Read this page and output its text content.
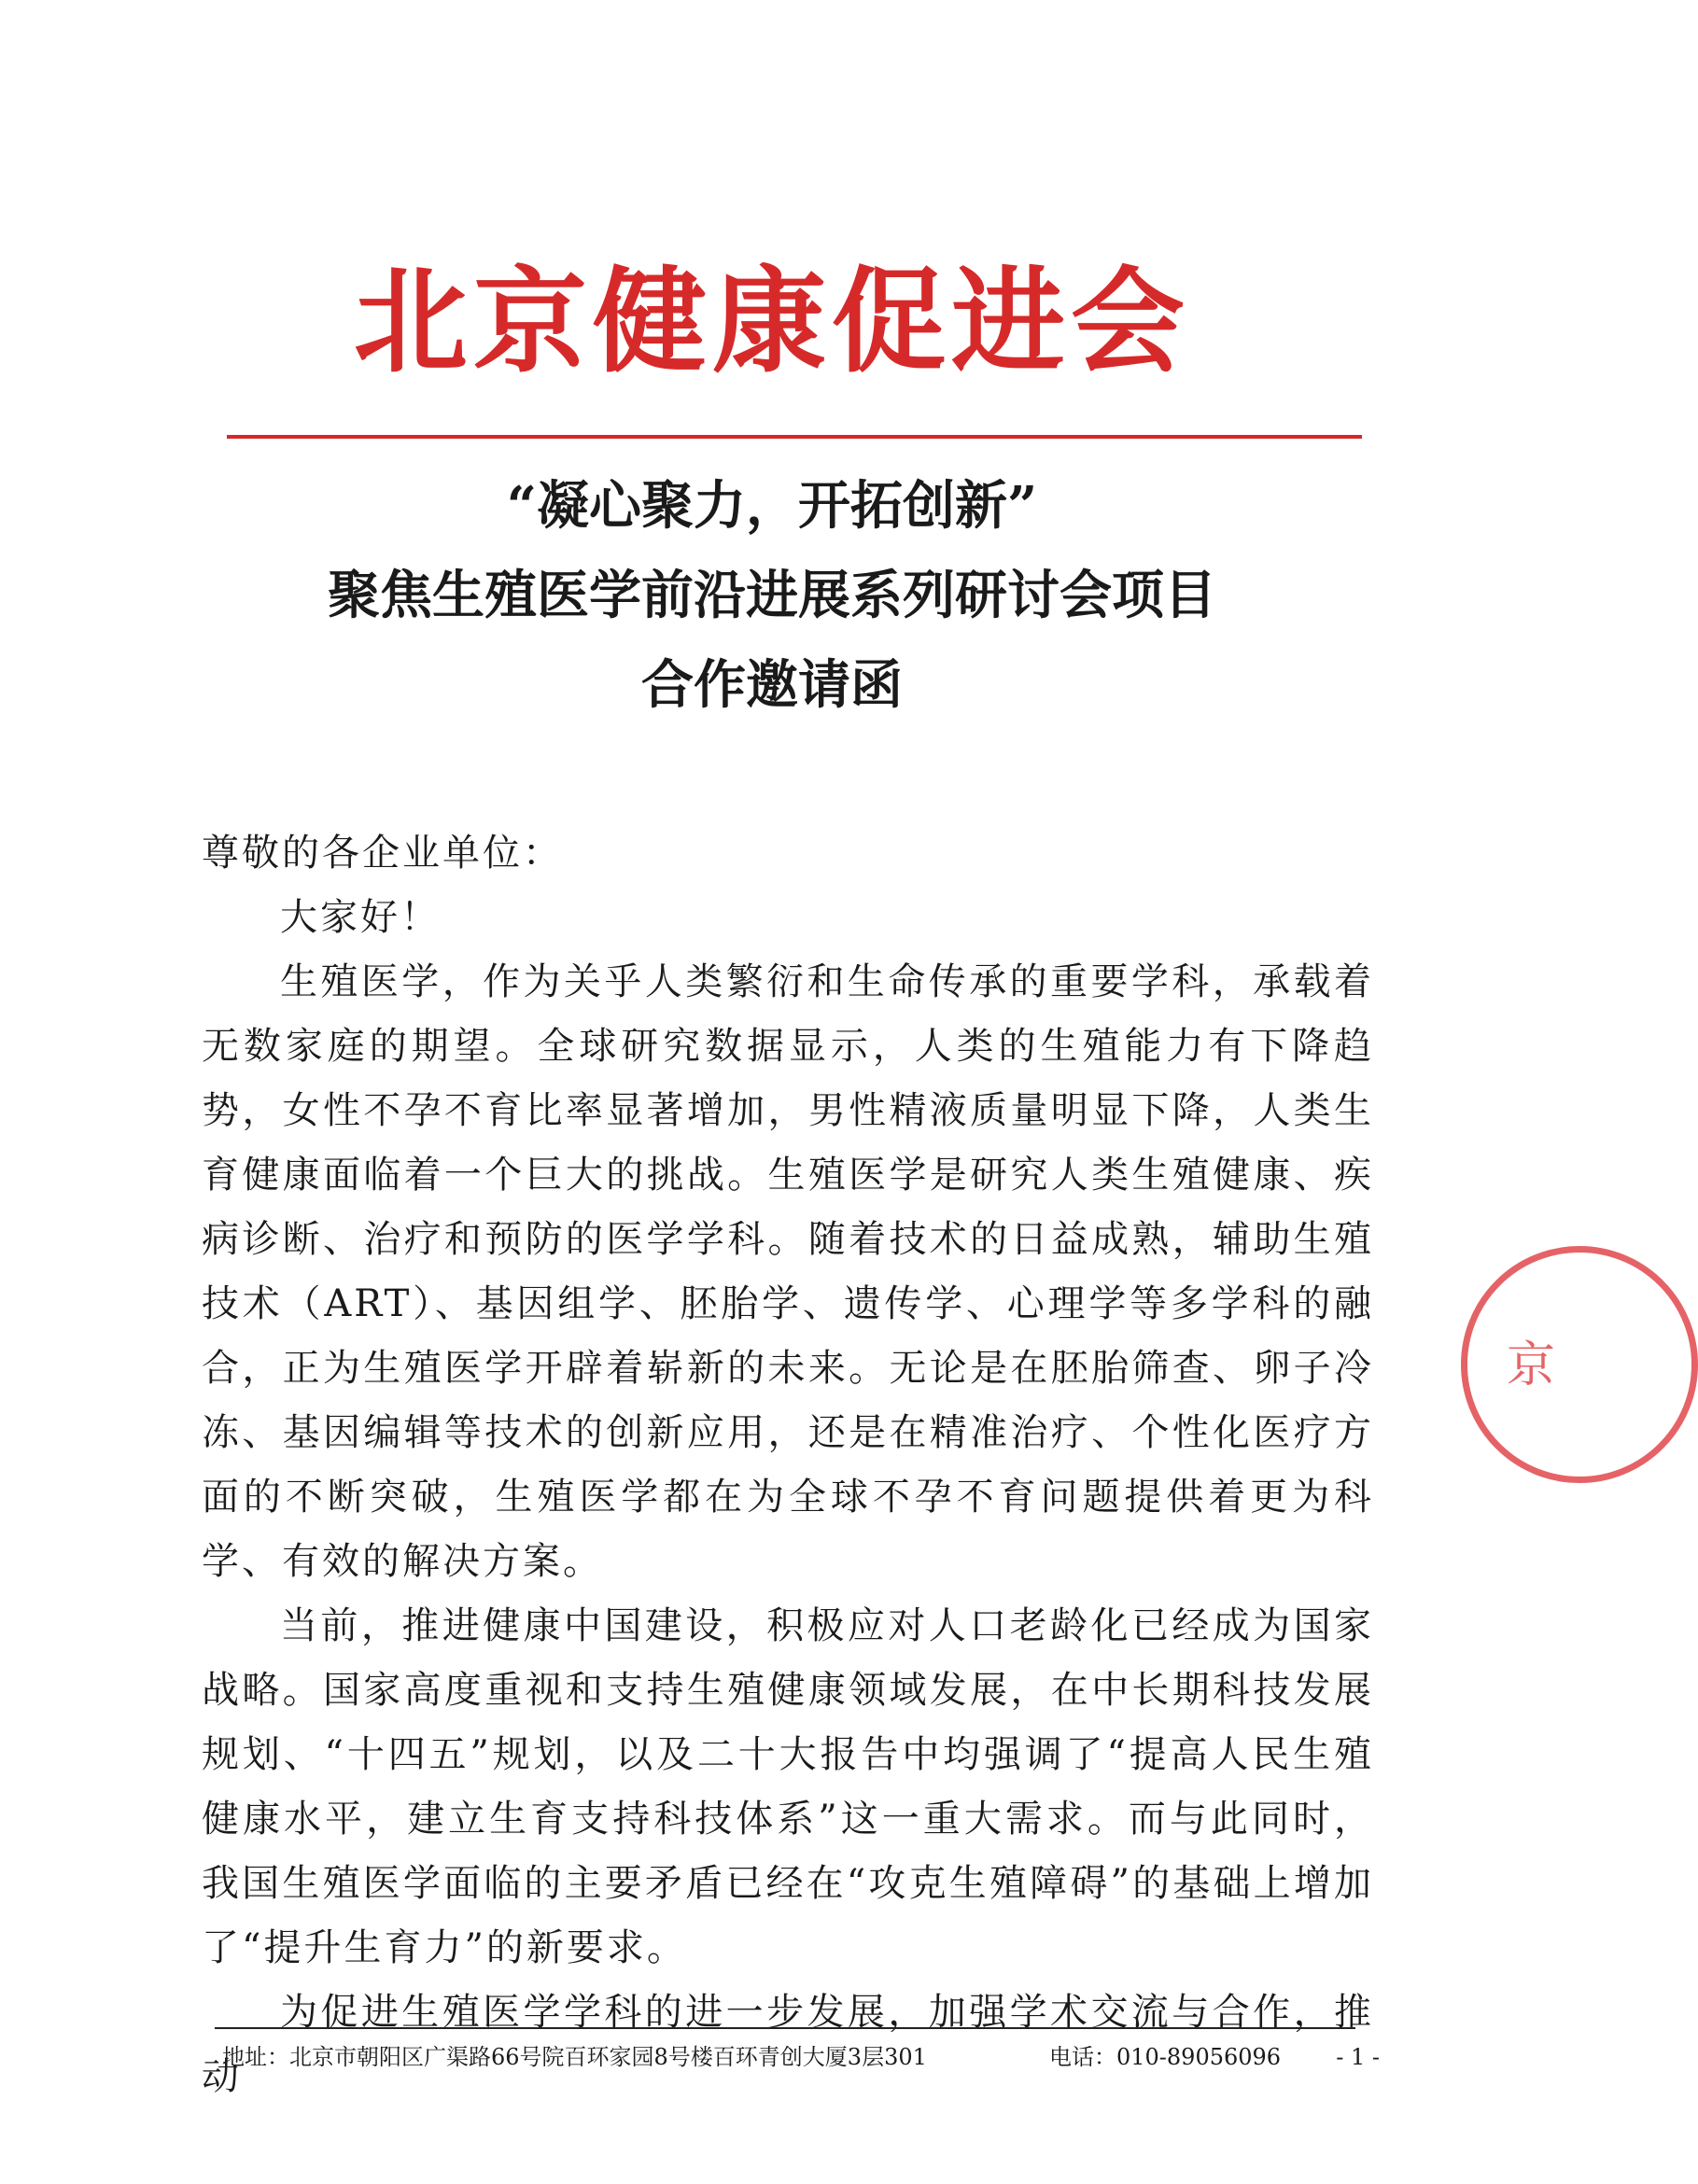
北京健康促进会
“凝心聚力，开拓创新”
聚焦生殖医学前沿进展系列研讨会项目
合作邀请函

尊敬的各企业单位：

大家好！

生殖医学，作为关乎人类繁衍和生命传承的重要学科，承载着无数家庭的期望。全球研究数据显示，人类的生殖能力有下降趋势，女性不孕不育比率显著增加，男性精液质量明显下降，人类生育健康面临着一个巨大的挑战。生殖医学是研究人类生殖健康、疾病诊断、治疗和预防的医学学科。随着技术的日益成熟，辅助生殖技术（ART）、基因组学、胚胎学、遗传学、心理学等多学科的融合，正为生殖医学开辟着崭新的未来。无论是在胚胎筛查、卵子冷冻、基因编辑等技术的创新应用，还是在精准治疗、个性化医疗方面的不断突破，生殖医学都在为全球不孕不育问题提供着更为科学、有效的解决方案。

当前，推进健康中国建设，积极应对人口老龄化已经成为国家战略。国家高度重视和支持生殖健康领域发展，在中长期科技发展规划、“十四五”规划，以及二十大报告中均强调了“提高人民生殖健康水平，建立生育支持科技体系”这一重大需求。而与此同时，我国生殖医学面临的主要矛盾已经在“攻克生殖障碍”的基础上增加了“提升生育力”的新要求。

为促进生殖医学学科的进一步发展，加强学术交流与合作，推动

地址：北京市朝阳区广渠路66号院百环家园8号楼百环青创大厦3层301	电话：010-89056096 - 1 -
京
